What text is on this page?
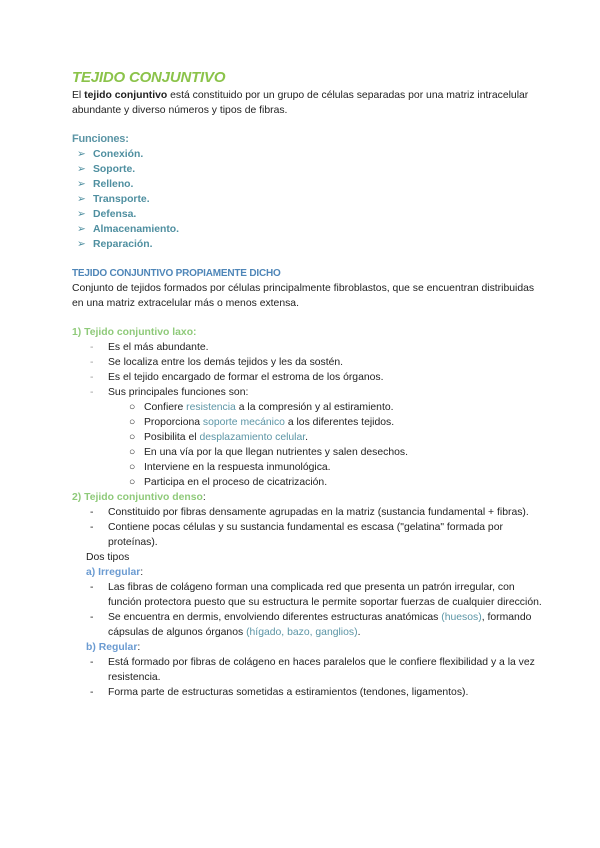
TEJIDO CONJUNTIVO

El tejido conjuntivo está constituido por un grupo de células separadas por una matriz intracelular abundante y diverso números y tipos de fibras.

Funciones:
➢ Conexión.
➢ Soporte.
➢ Relleno.
➢ Transporte.
➢ Defensa.
➢ Almacenamiento.
➢ Reparación.
TEJIDO CONJUNTIVO PROPIAMENTE DICHO

Conjunto de tejidos formados por células principalmente fibroblastos, que se encuentran distribuidas en una matriz extracelular más o menos extensa.

1) Tejido conjuntivo laxo:
- Es el más abundante.
- Se localiza entre los demás tejidos y les da sostén.
- Es el tejido encargado de formar el estroma de los órganos.
- Sus principales funciones son:
○ Confiere resistencia a la compresión y al estiramiento.
○ Proporciona soporte mecánico a los diferentes tejidos.
○ Posibilita el desplazamiento celular.
○ En una vía por la que llegan nutrientes y salen desechos.
○ Interviene en la respuesta inmunológica.
○ Participa en el proceso de cicatrización.
2) Tejido conjuntivo denso:
- Constituido por fibras densamente agrupadas en la matriz (sustancia fundamental + fibras).
- Contiene pocas células y su sustancia fundamental es escasa ("gelatina" formada por proteínas).
Dos tipos
a) Irregular:
- Las fibras de colágeno forman una complicada red que presenta un patrón irregular, con función protectora puesto que su estructura le permite soportar fuerzas de cualquier dirección.
- Se encuentra en dermis, envolviendo diferentes estructuras anatómicas (huesos), formando cápsulas de algunos órganos (hígado, bazo, ganglios).
b) Regular:
- Está formado por fibras de colágeno en haces paralelos que le confiere flexibilidad y a la vez resistencia.
- Forma parte de estructuras sometidas a estiramientos (tendones, ligamentos).
